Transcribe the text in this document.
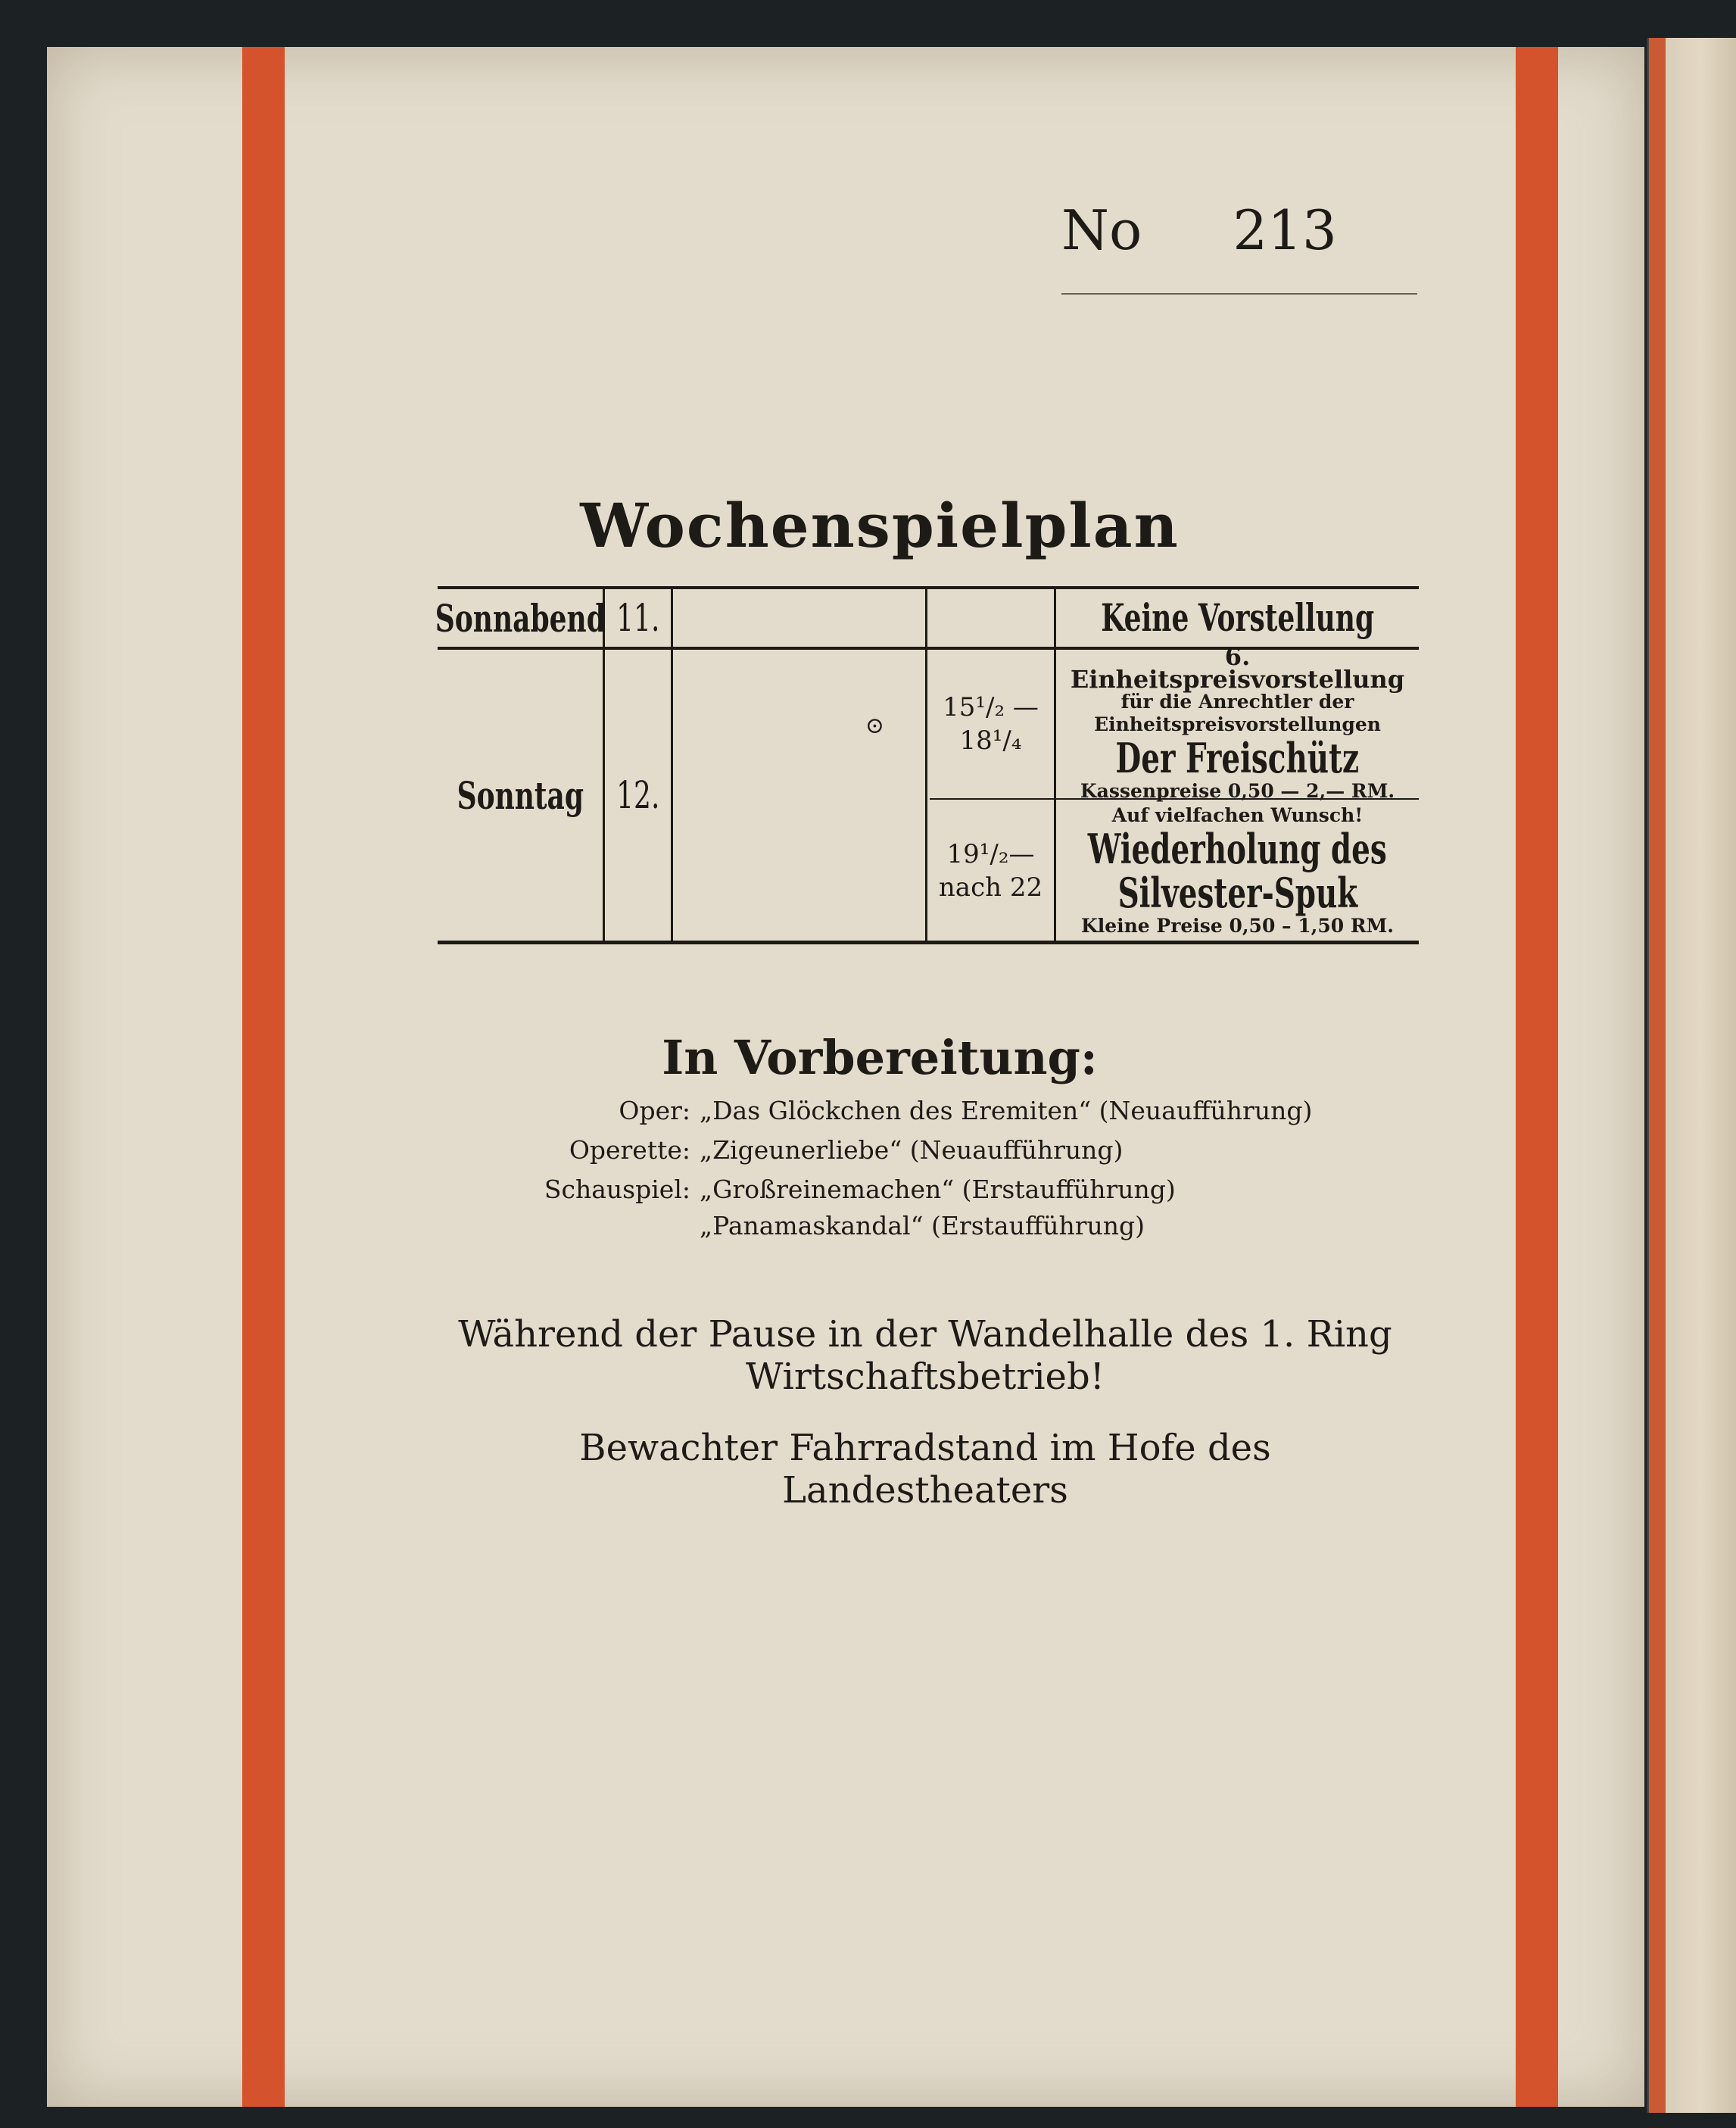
No 213
Wochenspielplan
Sonnabend 11.	Keine Vorstellung
Sonntag 12.
⊙
15¹/₂ —
18¹/₄
6. Einheitspreisvorstellung
für die Anrechtler der
Einheitspreisvorstellungen
Der Freischütz
Kassenpreise 0,50 — 2,— RM.
19¹/₂—
nach 22
Auf vielfachen Wunsch!
Wiederholung des
Silvester-Spuk
Kleine Preise 0,50 – 1,50 RM.
In Vorbereitung:
Oper: „Das Glöckchen des Eremiten“ (Neuaufführung)
Operette: „Zigeunerliebe“ (Neuaufführung)
Schauspiel: „Großreinemachen“ (Erstaufführung)
„Panamaskandal“ (Erstaufführung)
Während der Pause in der Wandelhalle des 1. Ring Wirtschaftsbetrieb!
Bewachter Fahrradstand im Hofe des Landestheaters
